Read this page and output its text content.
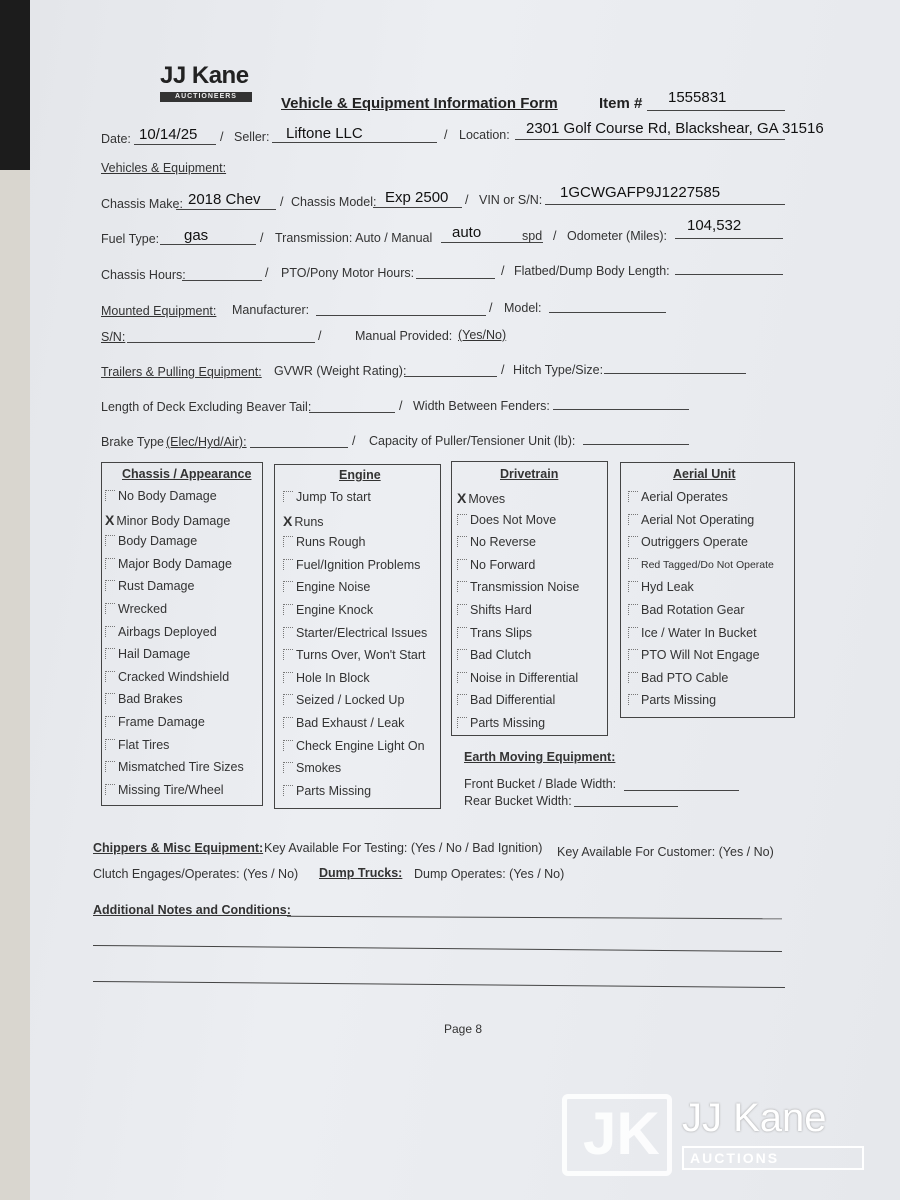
JJ Kane
AUCTIONEERS	Vehicle & Equipment Information Form	Item # 1555831
Date: 10/14/25 / Seller: Liftone LLC	/ Location: 2301 Golf Course Rd, Blackshear, GA 31516
Vehicles & Equipment:
Chassis Make: 2018 Chev / Chassis Model: Exp 2500 / VIN or S/N: 1GCWGAFP9J1227585
Fuel Type: gas	/ Transmission: Auto / Manual auto	spd / Odometer (Miles):
104,532
Chassis Hours:	/ PTO/Pony Motor Hours:	/ Flatbed/Dump Body Length:
Mounted Equipment: Manufacturer:	/ Model:
S/N:	/	Manual Provided: (Yes/No)
Trailers & Pulling Equipment: GVWR (Weight Rating):	/ Hitch Type/Size:
Length of Deck Excluding Beaver Tail:	/ Width Between Fenders:
Brake Type (Elec/Hyd/Air):	/ Capacity of Puller/Tensioner Unit (lb):
Chassis / Appearance
No Body Damage
X Minor Body Damage
Body Damage
Major Body Damage
Rust Damage
Wrecked
Airbags Deployed
Hail Damage
Cracked Windshield
Bad Brakes
Frame Damage
Flat Tires
Mismatched Tire Sizes
Missing Tire/Wheel
Engine
Jump To start
X Runs
Runs Rough
Fuel/Ignition Problems
Engine Noise
Engine Knock
Starter/Electrical Issues
Turns Over, Won't Start
Hole In Block
Seized / Locked Up
Bad Exhaust / Leak
Check Engine Light On
Smokes
Parts Missing
Drivetrain
X Moves
Does Not Move
No Reverse
No Forward
Transmission Noise
Shifts Hard
Trans Slips
Bad Clutch
Noise in Differential
Bad Differential
Parts Missing
Aerial Unit
Aerial Operates
Aerial Not Operating
Outriggers Operate
Red Tagged/Do Not Operate
Hyd Leak
Bad Rotation Gear
Ice / Water In Bucket
PTO Will Not Engage
Bad PTO Cable
Parts Missing
Earth Moving Equipment:
Front Bucket / Blade Width:
Rear Bucket Width:
Chippers & Misc Equipment: Key Available For Testing: (Yes / No / Bad Ignition) Key Available For Customer: (Yes / No)
Clutch Engages/Operates: (Yes / No) Dump Trucks: Dump Operates: (Yes / No)
Additional Notes and Conditions:
Page 8
JK JJ Kane
AUCTIONS
